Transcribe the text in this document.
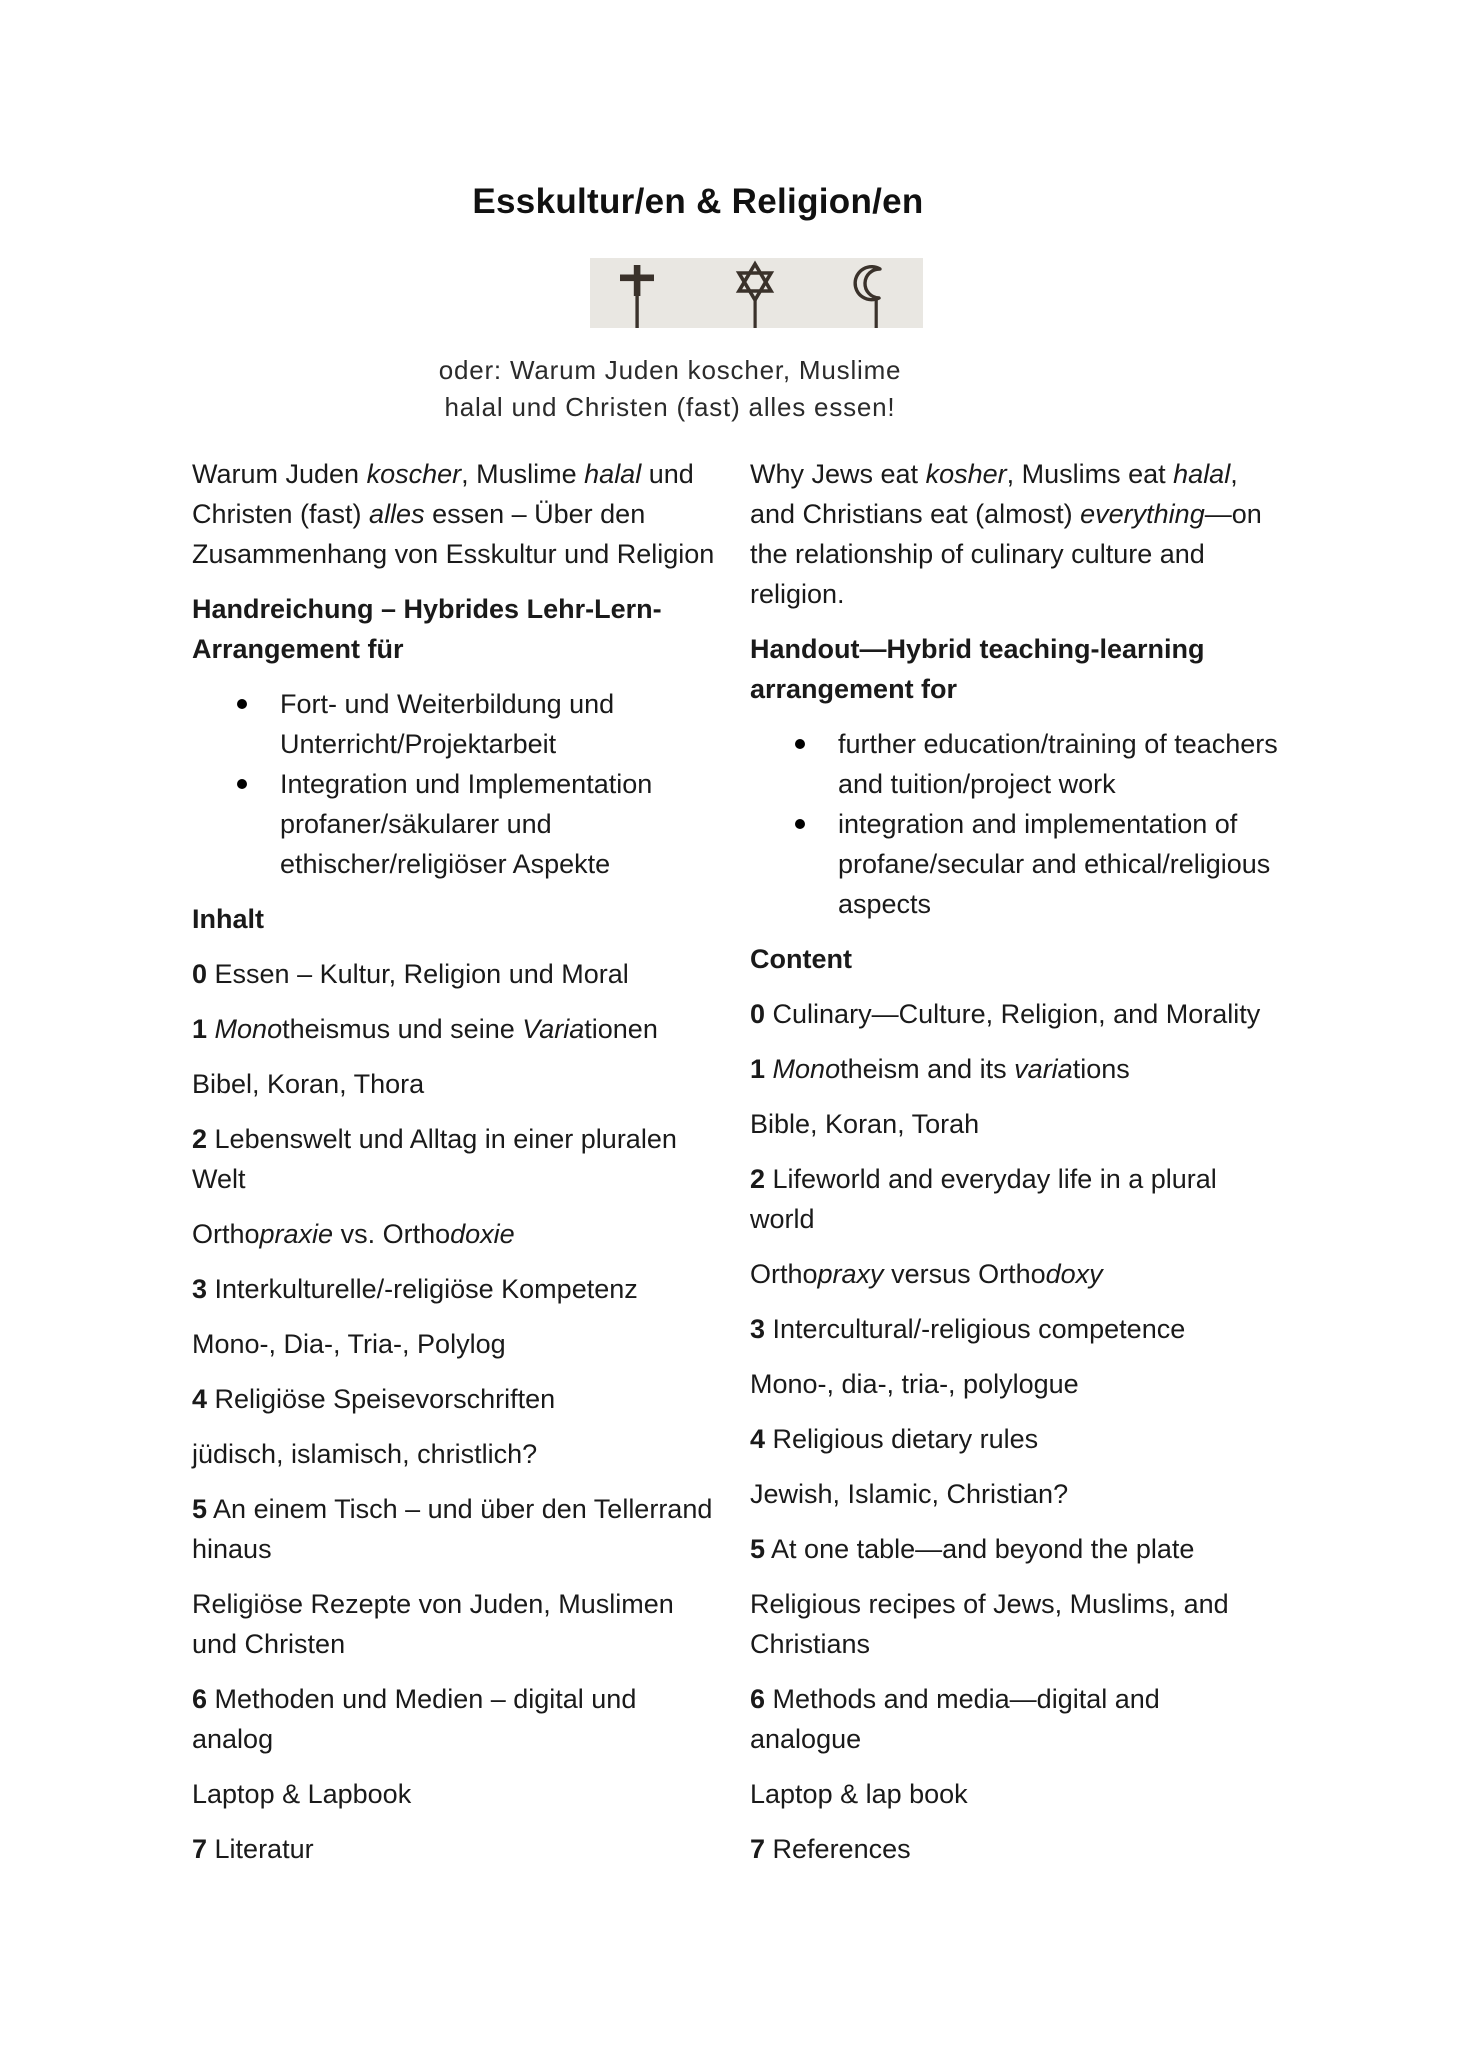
Esskultur/en & Religion/en
oder: Warum Juden koscher, Muslime
halal und Christen (fast) alles essen!

Warum Juden koscher, Muslime halal und Christen (fast) alles essen – Über den Zusammenhang von Esskultur und Religion

Handreichung – Hybrides Lehr-Lern-Arrangement für

Fort- und Weiterbildung und Unterricht/Projektarbeit
Integration und Implementation profaner/säkularer und ethischer/religiöser Aspekte

Inhalt

0 Essen – Kultur, Religion und Moral

1 Monotheismus und seine Variationen

Bibel, Koran, Thora

2 Lebenswelt und Alltag in einer pluralen Welt

Orthopraxie vs. Orthodoxie

3 Interkulturelle/-religiöse Kompetenz

Mono-, Dia-, Tria-, Polylog

4 Religiöse Speisevorschriften

jüdisch, islamisch, christlich?

5 An einem Tisch – und über den Tellerrand hinaus

Religiöse Rezepte von Juden, Muslimen und Christen

6 Methoden und Medien – digital und analog

Laptop & Lapbook

7 Literatur

Why Jews eat kosher, Muslims eat halal, and Christians eat (almost) everything—on the relationship of culinary culture and religion.

Handout—Hybrid teaching-learning arrangement for

further education/training of teachers and tuition/project work
integration and implementation of profane/secular and ethical/religious aspects

Content

0 Culinary—Culture, Religion, and Morality

1 Monotheism and its variations

Bible, Koran, Torah

2 Lifeworld and everyday life in a plural world

Orthopraxy versus Orthodoxy

3 Intercultural/-religious competence

Mono-, dia-, tria-, polylogue

4 Religious dietary rules

Jewish, Islamic, Christian?

5 At one table—and beyond the plate

Religious recipes of Jews, Muslims, and Christians

6 Methods and media—digital and analogue

Laptop & lap book

7 References
